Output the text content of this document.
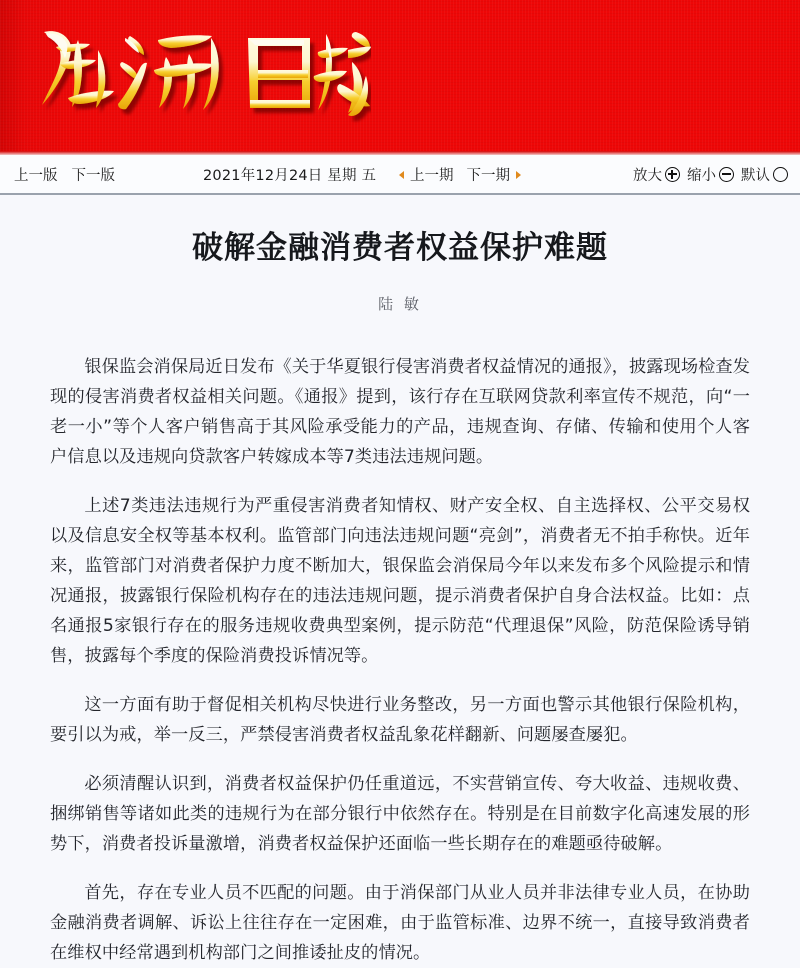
上一版 下一版	2021年12月24日 星期 五 上一期 下一期	放大 缩小 默认
破解金融消费者权益保护难题
陆 敏

银保监会消保局近日发布《关于华夏银行侵害消费者权益情况的通报》，披露现场检查发现的侵害消费者权益相关问题。《通报》提到，该行存在互联网贷款利率宣传不规范，向“一老一小”等个人客户销售高于其风险承受能力的产品，违规查询、存储、传输和使用个人客户信息以及违规向贷款客户转嫁成本等7类违法违规问题。

上述7类违法违规行为严重侵害消费者知情权、财产安全权、自主选择权、公平交易权以及信息安全权等基本权利。监管部门向违法违规问题“亮剑”，消费者无不拍手称快。近年来，监管部门对消费者保护力度不断加大，银保监会消保局今年以来发布多个风险提示和情况通报，披露银行保险机构存在的违法违规问题，提示消费者保护自身合法权益。比如：点名通报5家银行存在的服务违规收费典型案例，提示防范“代理退保”风险，防范保险诱导销售，披露每个季度的保险消费投诉情况等。

这一方面有助于督促相关机构尽快进行业务整改，另一方面也警示其他银行保险机构，要引以为戒，举一反三，严禁侵害消费者权益乱象花样翻新、问题屡查屡犯。

必须清醒认识到，消费者权益保护仍任重道远，不实营销宣传、夸大收益、违规收费、捆绑销售等诸如此类的违规行为在部分银行中依然存在。特别是在目前数字化高速发展的形势下，消费者投诉量激增，消费者权益保护还面临一些长期存在的难题亟待破解。

首先，存在专业人员不匹配的问题。由于消保部门从业人员并非法律专业人员，在协助金融消费者调解、诉讼上往往存在一定困难，由于监管标准、边界不统一，直接导致消费者在维权中经常遇到机构部门之间推诿扯皮的情况。
